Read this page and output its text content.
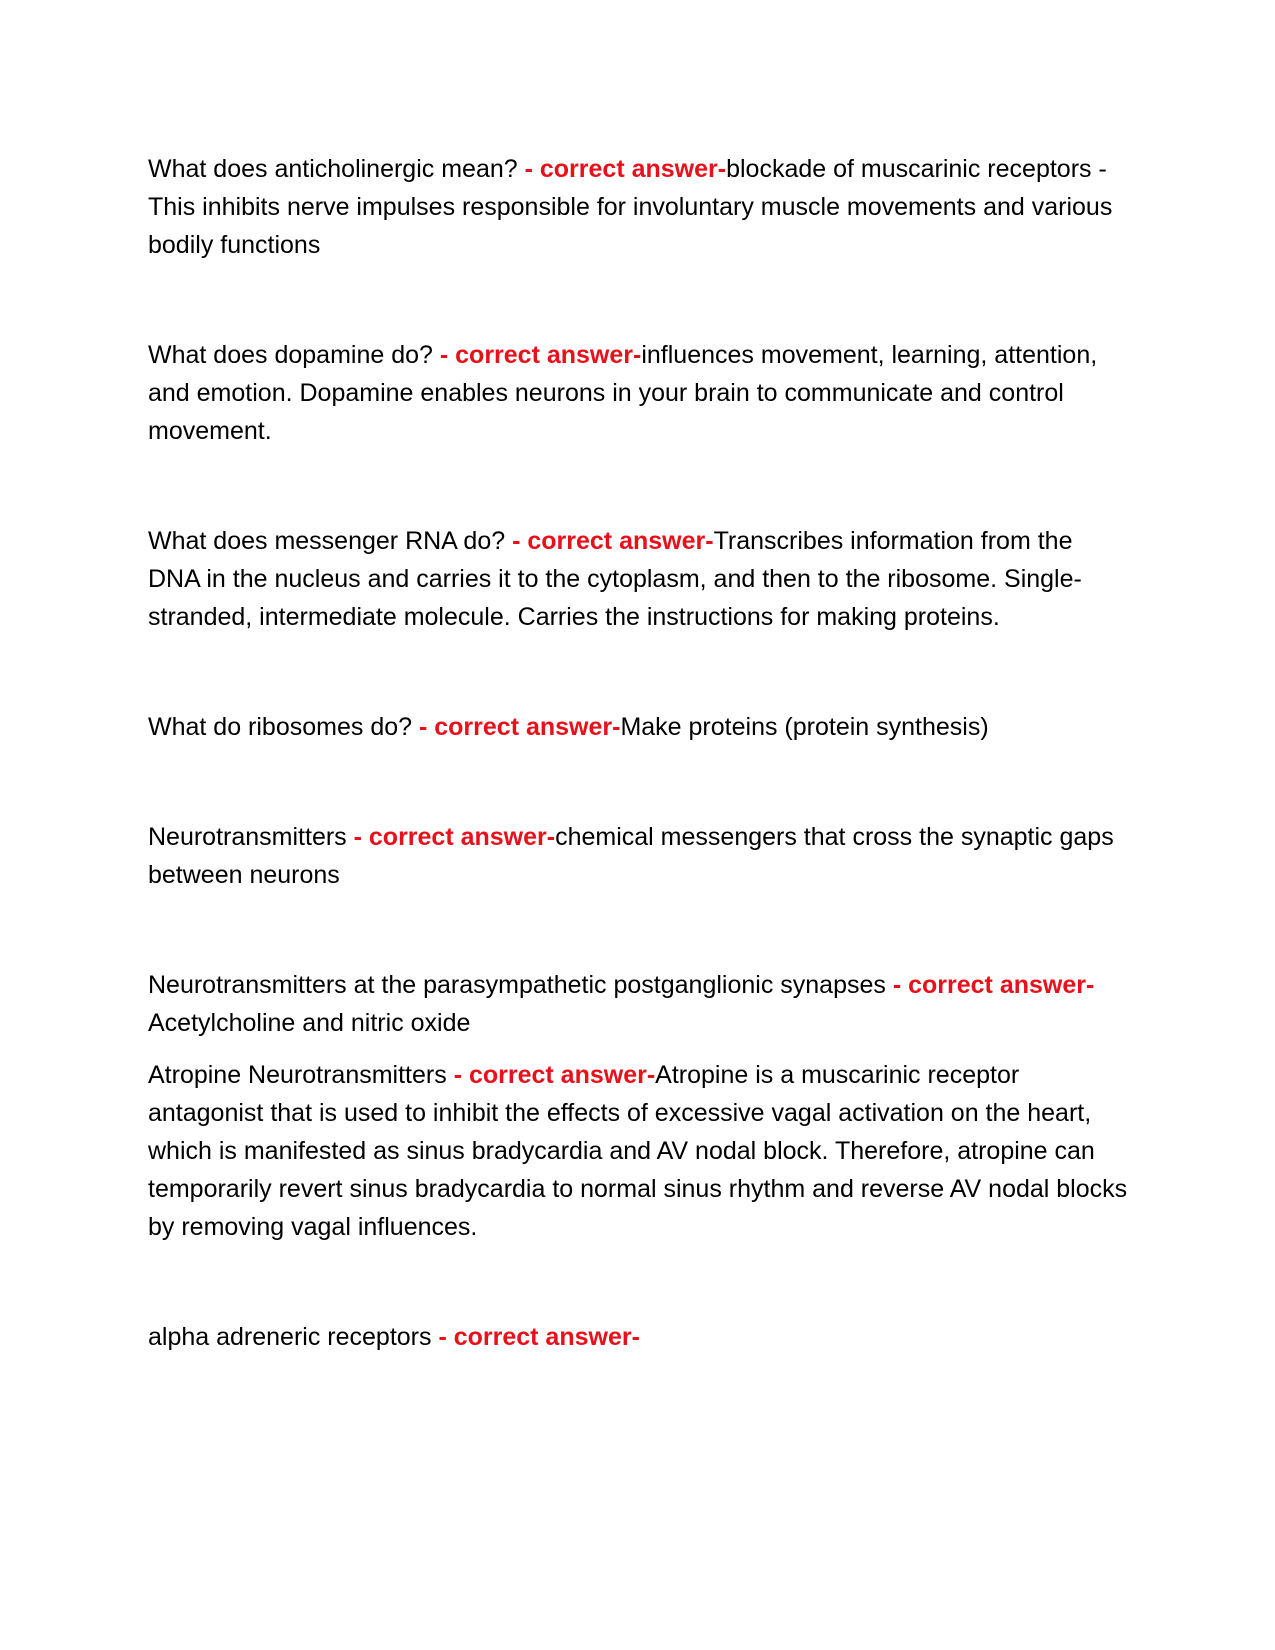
What does anticholinergic mean? - correct answer-blockade of muscarinic receptors - This inhibits nerve impulses responsible for involuntary muscle movements and various bodily functions

What does dopamine do? - correct answer-influences movement, learning, attention, and emotion. Dopamine enables neurons in your brain to communicate and control movement.

What does messenger RNA do? - correct answer-Transcribes information from the DNA in the nucleus and carries it to the cytoplasm, and then to the ribosome. Single-stranded, intermediate molecule. Carries the instructions for making proteins.

What do ribosomes do? - correct answer-Make proteins (protein synthesis)

Neurotransmitters - correct answer-chemical messengers that cross the synaptic gaps between neurons

Neurotransmitters at the parasympathetic postganglionic synapses - correct answer-Acetylcholine and nitric oxide

Atropine Neurotransmitters - correct answer-Atropine is a muscarinic receptor antagonist that is used to inhibit the effects of excessive vagal activation on the heart, which is manifested as sinus bradycardia and AV nodal block. Therefore, atropine can temporarily revert sinus bradycardia to normal sinus rhythm and reverse AV nodal blocks by removing vagal influences.

alpha adreneric receptors - correct answer-
